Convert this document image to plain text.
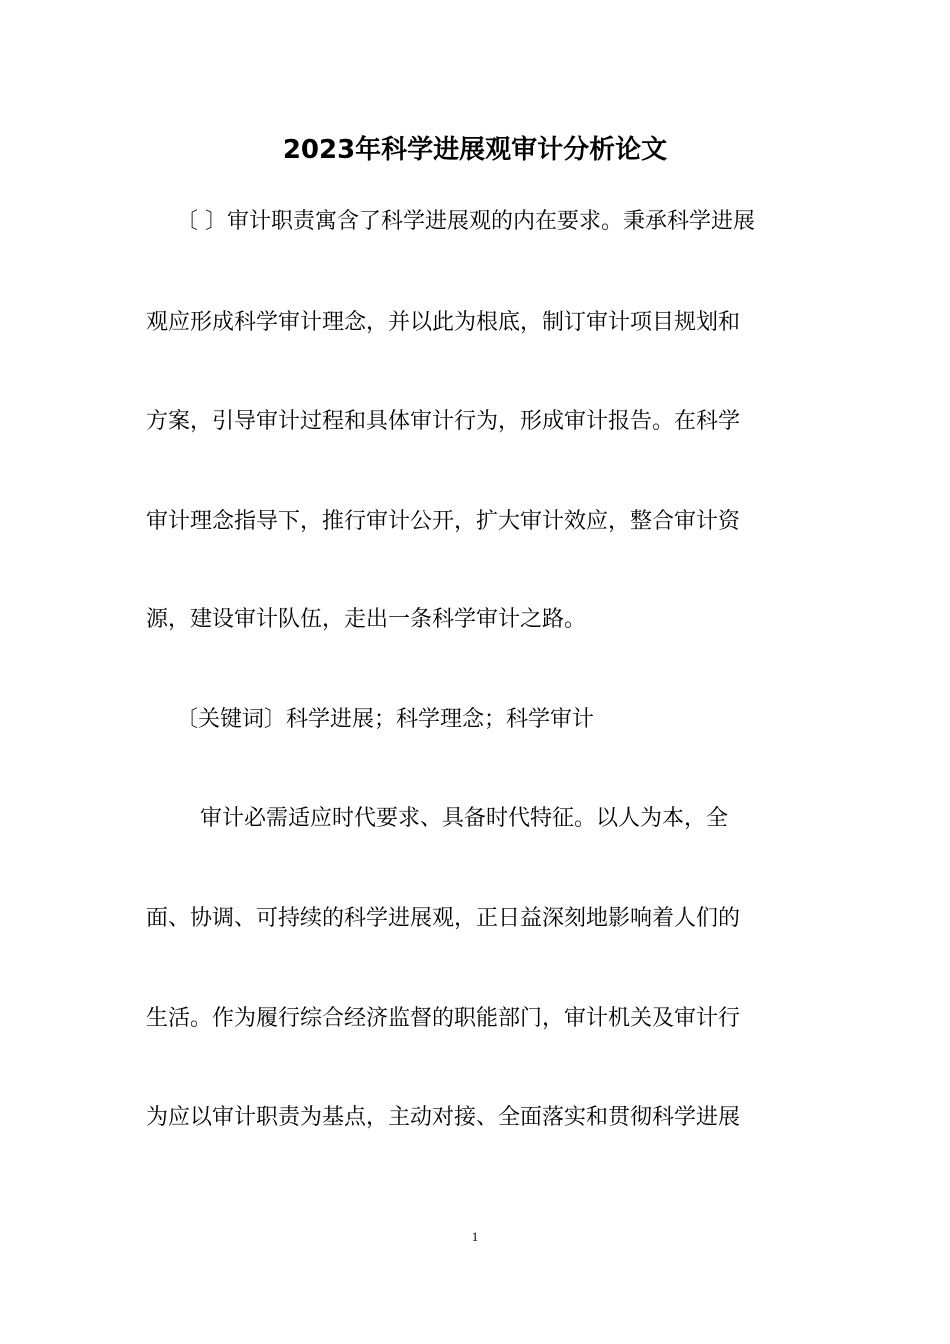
2023年科学进展观审计分析论文

〔 〕审计职责寓含了科学进展观的内在要求。秉承科学进展

观应形成科学审计理念，并以此为根底，制订审计项目规划和

方案，引导审计过程和具体审计行为，形成审计报告。在科学

审计理念指导下，推行审计公开，扩大审计效应，整合审计资

源，建设审计队伍，走出一条科学审计之路。

〔关键词〕科学进展；科学理念；科学审计

审计必需适应时代要求、具备时代特征。以人为本，全

面、协调、可持续的科学进展观，正日益深刻地影响着人们的

生活。作为履行综合经济监督的职能部门，审计机关及审计行

为应以审计职责为基点，主动对接、全面落实和贯彻科学进展

1
